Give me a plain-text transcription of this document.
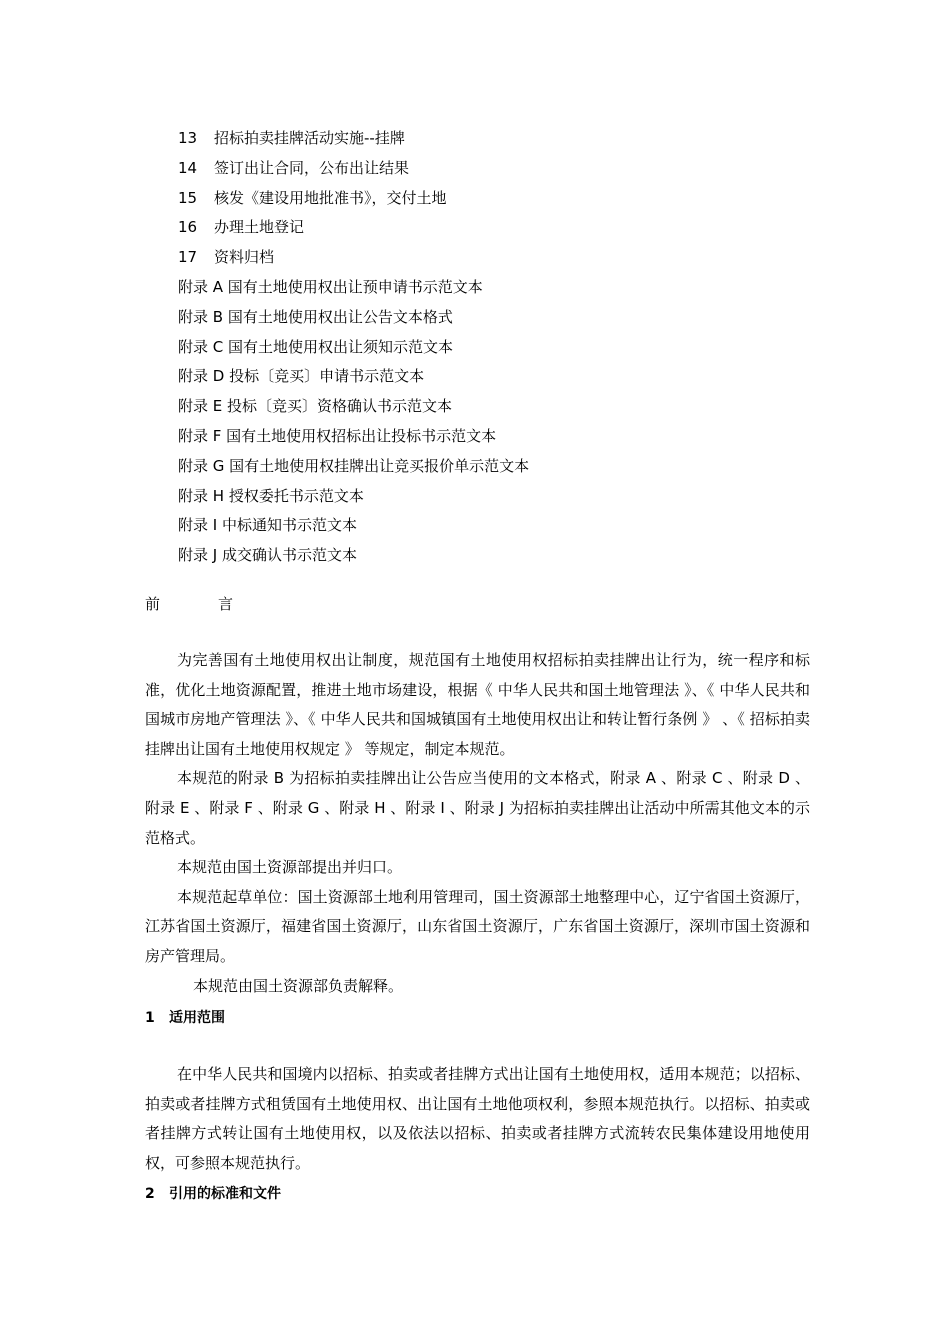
13 招标拍卖挂牌活动实施--挂牌
14 签订出让合同，公布出让结果
15 核发《建设用地批准书》，交付土地
16 办理土地登记
17 资料归档
附录 A 国有土地使用权出让预申请书示范文本
附录 B 国有土地使用权出让公告文本格式
附录 C 国有土地使用权出让须知示范文本
附录 D 投标〔竞买〕申请书示范文本
附录 E 投标〔竞买〕资格确认书示范文本
附录 F 国有土地使用权招标出让投标书示范文本
附录 G 国有土地使用权挂牌出让竞买报价单示范文本
附录 H 授权委托书示范文本
附录 I 中标通知书示范文本
附录 J 成交确认书示范文本
前	言

为完善国有土地使用权出让制度，规范国有土地使用权招标拍卖挂牌出让行为，统一程序和标准，优化土地资源配置，推进土地市场建设，根据《 中华人民共和国土地管理法 》、《 中华人民共和国城市房地产管理法 》、《 中华人民共和国城镇国有土地使用权出让和转让暂行条例 》 、《 招标拍卖挂牌出让国有土地使用权规定 》 等规定，制定本规范。

本规范的附录 B 为招标拍卖挂牌出让公告应当使用的文本格式，附录 A 、附录 C 、附录 D 、附录 E 、附录 F 、附录 G 、附录 H 、附录 I 、附录 J 为招标拍卖挂牌出让活动中所需其他文本的示范格式。

本规范由国土资源部提出并归口。

本规范起草单位：国土资源部土地利用管理司，国土资源部土地整理中心，辽宁省国土资源厅，江苏省国土资源厅，福建省国土资源厅，山东省国土资源厅，广东省国土资源厅，深圳市国土资源和房产管理局。

本规范由国土资源部负责解释。

1 适用范围

在中华人民共和国境内以招标、拍卖或者挂牌方式出让国有土地使用权，适用本规范；以招标、拍卖或者挂牌方式租赁国有土地使用权、出让国有土地他项权利，参照本规范执行。以招标、拍卖或者挂牌方式转让国有土地使用权，以及依法以招标、拍卖或者挂牌方式流转农民集体建设用地使用权，可参照本规范执行。

2 引用的标准和文件
